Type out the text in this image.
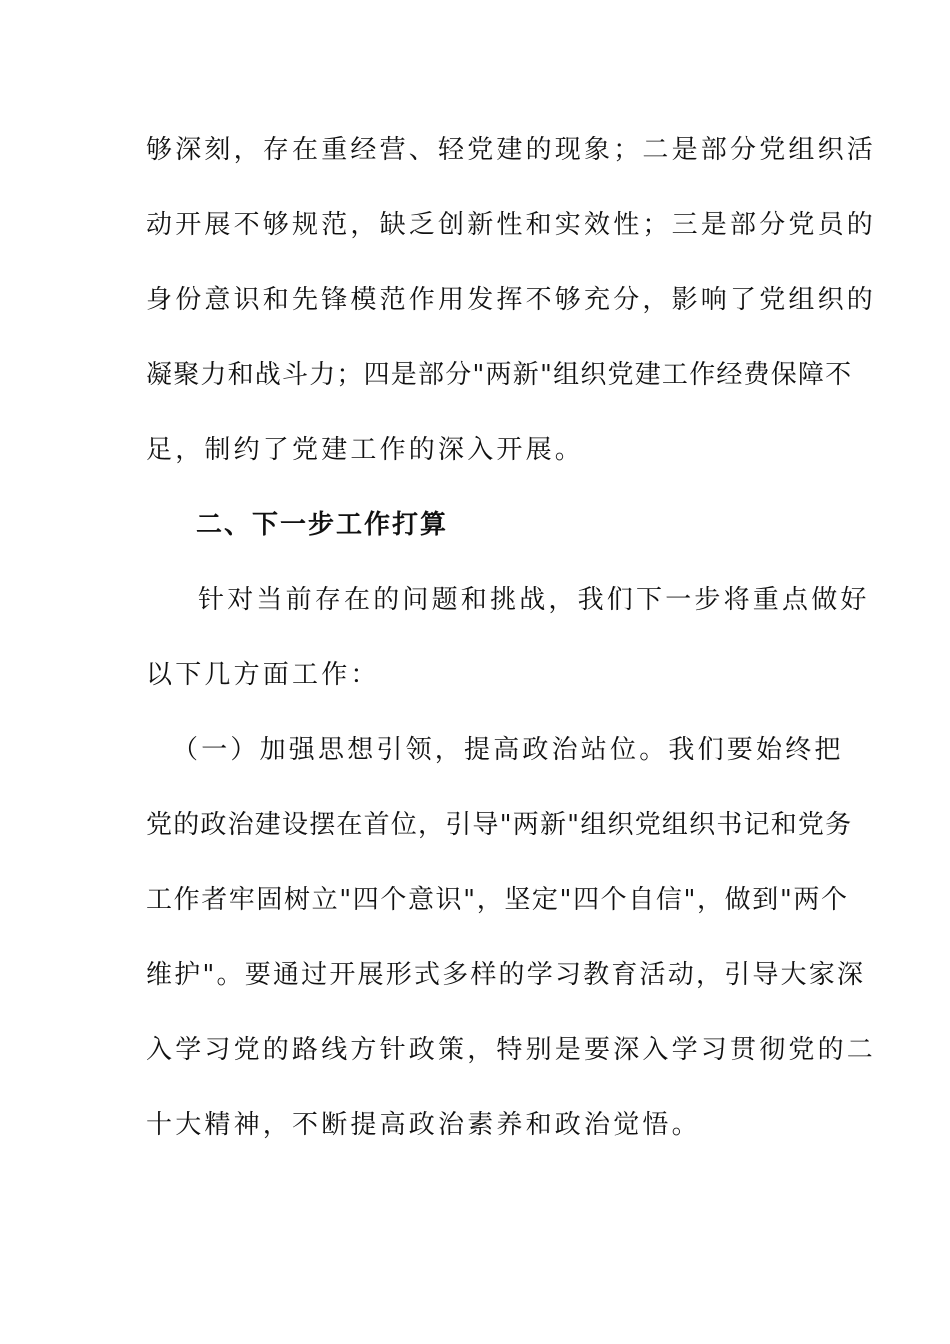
够深刻，存在重经营、轻党建的现象；二是部分党组织活
动开展不够规范，缺乏创新性和实效性；三是部分党员的
身份意识和先锋模范作用发挥不够充分，影响了党组织的
凝聚力和战斗力；四是部分"两新"组织党建工作经费保障不
足，制约了党建工作的深入开展。
二、下一步工作打算
针对当前存在的问题和挑战，我们下一步将重点做好
以下几方面工作：
（一）加强思想引领，提高政治站位。我们要始终把
党的政治建设摆在首位，引导"两新"组织党组织书记和党务
工作者牢固树立"四个意识"，坚定"四个自信"，做到"两个
维护"。要通过开展形式多样的学习教育活动，引导大家深
入学习党的路线方针政策，特别是要深入学习贯彻党的二
十大精神，不断提高政治素养和政治觉悟。
